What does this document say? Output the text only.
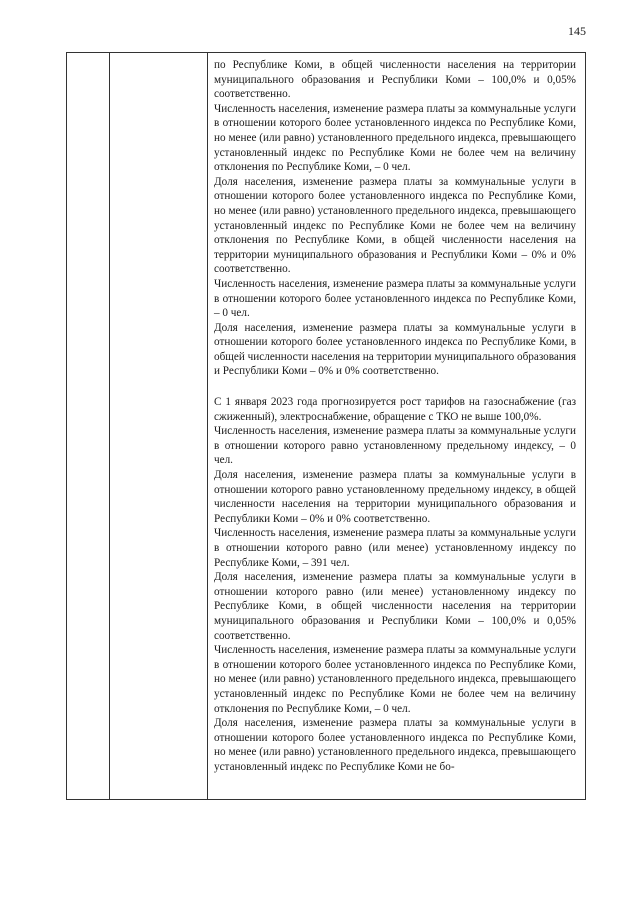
145

по Республике Коми, в общей численности населения на территории муниципального образования и Республики Коми – 100,0% и 0,05% соответственно.

Численность населения, изменение размера платы за коммунальные услуги в отношении которого более установленного индекса по Республике Коми, но менее (или равно) установленного предельного индекса, превышающего установленный индекс по Республике Коми не более чем на величину отклонения по Республике Коми, – 0 чел.

Доля населения, изменение размера платы за коммунальные услуги в отношении которого более установленного индекса по Республике Коми, но менее (или равно) установленного предельного индекса, превышающего установленный индекс по Республике Коми не более чем на величину отклонения по Республике Коми, в общей численности населения на территории муниципального образования и Республики Коми – 0% и 0% соответственно.

Численность населения, изменение размера платы за коммунальные услуги в отношении которого более установленного индекса по Республике Коми, – 0 чел.

Доля населения, изменение размера платы за коммунальные услуги в отношении которого более установленного индекса по Республике Коми, в общей численности населения на территории муниципального образования и Республики Коми – 0% и 0% соответственно.

С 1 января 2023 года прогнозируется рост тарифов на газоснабжение (газ сжиженный), электроснабжение, обращение с ТКО не выше 100,0%.

Численность населения, изменение размера платы за коммунальные услуги в отношении которого равно установленному предельному индексу, – 0 чел.

Доля населения, изменение размера платы за коммунальные услуги в отношении которого равно установленному предельному индексу, в общей численности населения на территории муниципального образования и Республики Коми – 0% и 0% соответственно.

Численность населения, изменение размера платы за коммунальные услуги в отношении которого равно (или менее) установленному индексу по Республике Коми, – 391 чел.

Доля населения, изменение размера платы за коммунальные услуги в отношении которого равно (или менее) установленному индексу по Республике Коми, в общей численности населения на территории муниципального образования и Республики Коми – 100,0% и 0,05% соответственно.

Численность населения, изменение размера платы за коммунальные услуги в отношении которого более установленного индекса по Республике Коми, но менее (или равно) установленного предельного индекса, превышающего установленный индекс по Республике Коми не более чем на величину отклонения по Республике Коми, – 0 чел.

Доля населения, изменение размера платы за коммунальные услуги в отношении которого более установленного индекса по Республике Коми, но менее (или равно) установленного предельного индекса, превышающего установленный индекс по Республике Коми не бо-
